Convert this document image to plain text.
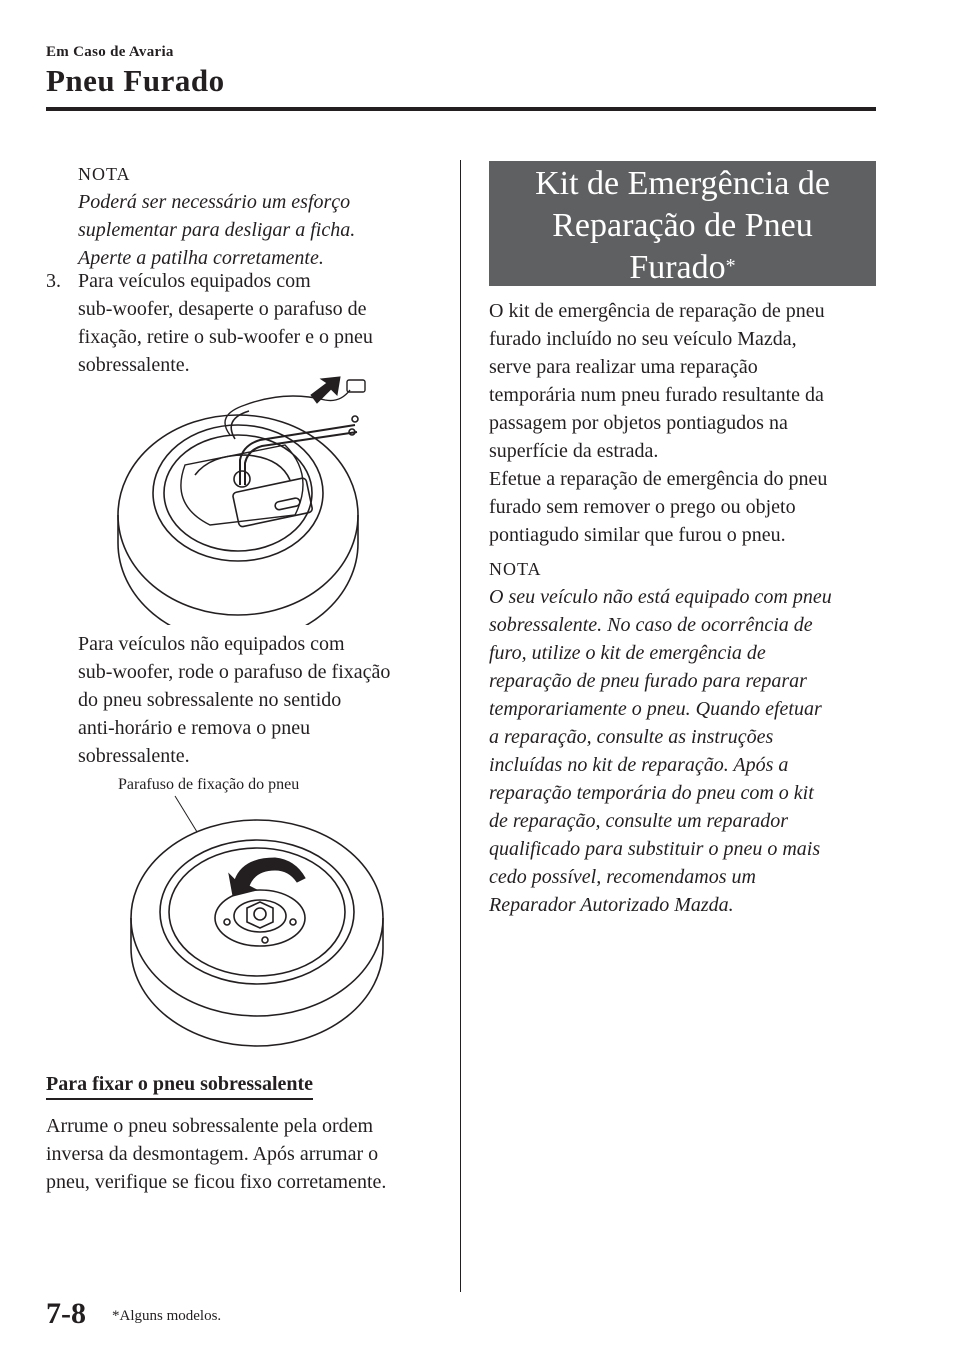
Em Caso de Avaria
Pneu Furado

NOTA

Poderá ser necessário um esforço

suplementar para desligar a ficha.

Aperte a patilha corretamente.

3. Para veículos equipados com

sub-woofer, desaperte o parafuso de

fixação, retire o sub-woofer e o pneu

sobressalente.

Para veículos não equipados com

sub-woofer, rode o parafuso de fixação

do pneu sobressalente no sentido

anti-horário e remova o pneu

sobressalente.

Parafuso de fixação do pneu
Para fixar o pneu sobressalente

Arrume o pneu sobressalente pela ordem

inversa da desmontagem. Após arrumar o

pneu, verifique se ficou fixo corretamente.

Kit de Emergência de
Reparação de Pneu
Furado*

O kit de emergência de reparação de pneu

furado incluído no seu veículo Mazda,

serve para realizar uma reparação

temporária num pneu furado resultante da

passagem por objetos pontiagudos na

superfície da estrada.

Efetue a reparação de emergência do pneu

furado sem remover o prego ou objeto

pontiagudo similar que furou o pneu.

NOTA

O seu veículo não está equipado com pneu

sobressalente. No caso de ocorrência de

furo, utilize o kit de emergência de

reparação de pneu furado para reparar

temporariamente o pneu. Quando efetuar

a reparação, consulte as instruções

incluídas no kit de reparação. Após a

reparação temporária do pneu com o kit

de reparação, consulte um reparador

qualificado para substituir o pneu o mais

cedo possível, recomendamos um

Reparador Autorizado Mazda.

7-8 *Alguns modelos.
